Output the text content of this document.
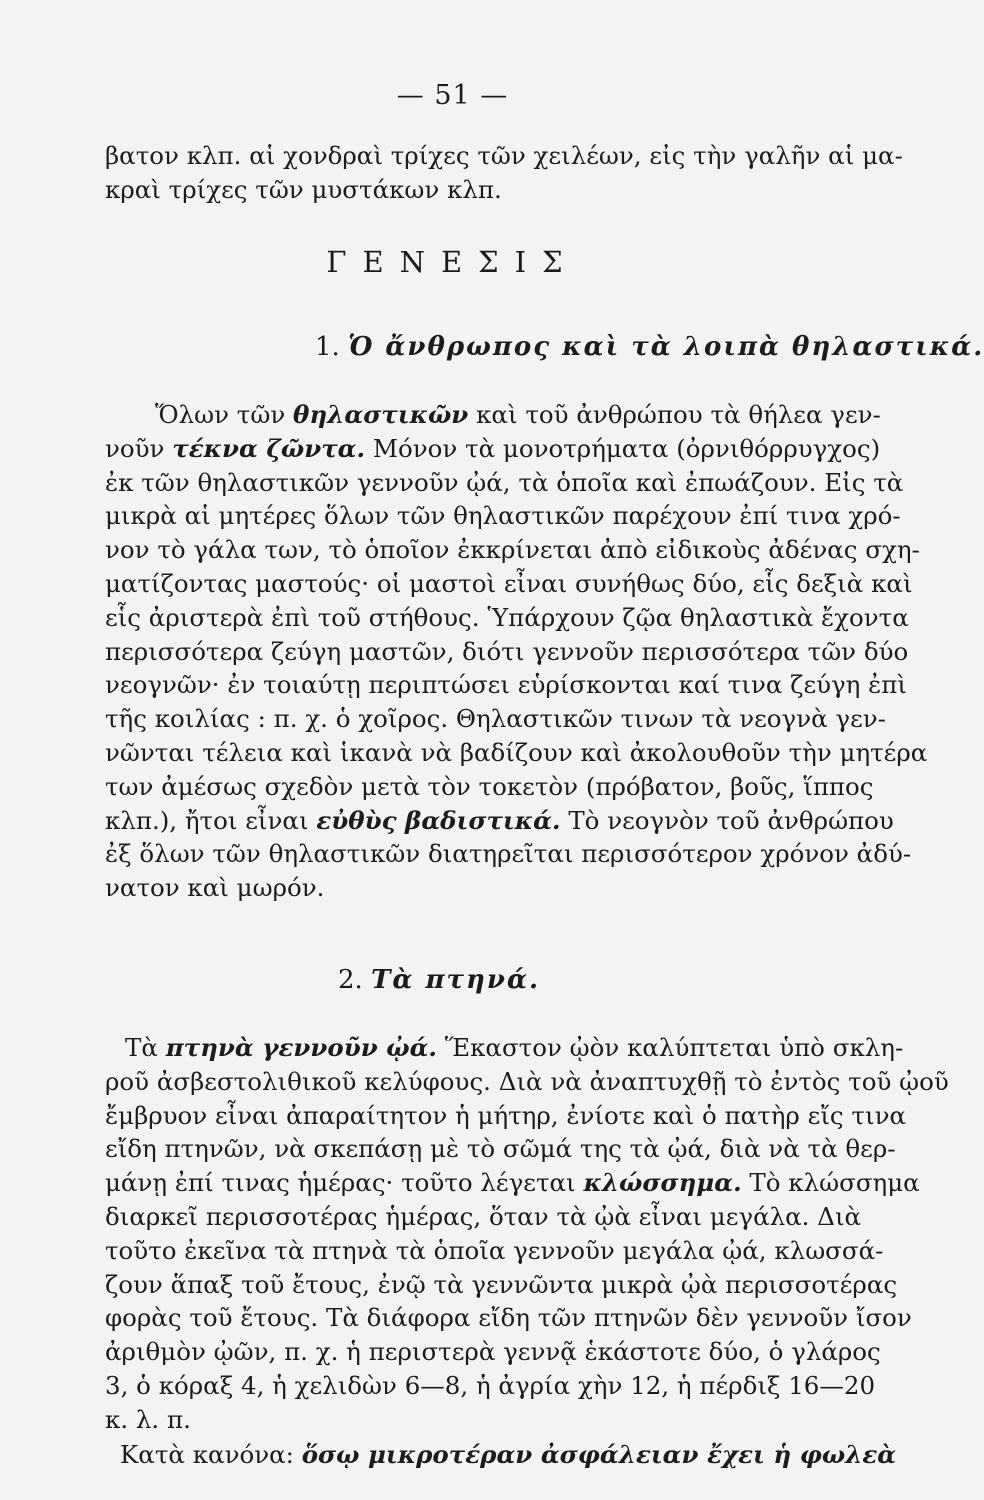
— 51 —
βατον κλπ. αἱ χονδραὶ τρίχες τῶν χειλέων, εἰς τὴν γαλῆν αἱ μα-
κραὶ τρίχες τῶν μυστάκων κλπ.
ΓΕΝΕΣΙΣ
1. Ὁ ἄνθρωπος καὶ τὰ λοιπὰ θηλαστικά.
Ὅλων τῶν θηλαστικῶν καὶ τοῦ ἀνθρώπου τὰ θήλεα γεν-
νοῦν τέκνα ζῶντα. Μόνον τὰ μονοτρήματα (ὀρνιθόρρυγχος)
ἐκ τῶν θηλαστικῶν γεννοῦν ᾠά, τὰ ὁποῖα καὶ ἐπωάζουν. Εἰς τὰ
μικρὰ αἱ μητέρες ὅλων τῶν θηλαστικῶν παρέχουν ἐπί τινα χρό-
νον τὸ γάλα των, τὸ ὁποῖον ἐκκρίνεται ἀπὸ εἰδικοὺς ἀδένας σχη-
ματίζοντας μαστούς· οἱ μαστοὶ εἶναι συνήθως δύο, εἷς δεξιὰ καὶ
εἷς ἀριστερὰ ἐπὶ τοῦ στήθους. Ὑπάρχουν ζῷα θηλαστικὰ ἔχοντα
περισσότερα ζεύγη μαστῶν, διότι γεννοῦν περισσότερα τῶν δύο
νεογνῶν· ἐν τοιαύτῃ περιπτώσει εὑρίσκονται καί τινα ζεύγη ἐπὶ
τῆς κοιλίας : π. χ. ὁ χοῖρος. Θηλαστικῶν τινων τὰ νεογνὰ γεν-
νῶνται τέλεια καὶ ἱκανὰ νὰ βαδίζουν καὶ ἀκολουθοῦν τὴν μητέρα
των ἀμέσως σχεδὸν μετὰ τὸν τοκετὸν (πρόβατον, βοῦς, ἵππος
κλπ.), ἤτοι εἶναι εὐθὺς βαδιστικά. Τὸ νεογνὸν τοῦ ἀνθρώπου
ἐξ ὅλων τῶν θηλαστικῶν διατηρεῖται περισσότερον χρόνον ἀδύ-
νατον καὶ μωρόν.
2. Τὰ πτηνά.
Τὰ πτηνὰ γεννοῦν ᾠά. Ἕκαστον ᾠὸν καλύπτεται ὑπὸ σκλη-
ροῦ ἀσβεστολιθικοῦ κελύφους. Διὰ νὰ ἀναπτυχθῇ τὸ ἐντὸς τοῦ ᾠοῦ
ἔμβρυον εἶναι ἀπαραίτητον ἡ μήτηρ, ἐνίοτε καὶ ὁ πατὴρ εἴς τινα
εἴδη πτηνῶν, νὰ σκεπάσῃ μὲ τὸ σῶμά της τὰ ᾠά, διὰ νὰ τὰ θερ-
μάνῃ ἐπί τινας ἡμέρας· τοῦτο λέγεται κλώσσημα. Τὸ κλώσσημα
διαρκεῖ περισσοτέρας ἡμέρας, ὅταν τὰ ᾠὰ εἶναι μεγάλα. Διὰ
τοῦτο ἐκεῖνα τὰ πτηνὰ τὰ ὁποῖα γεννοῦν μεγάλα ᾠά, κλωσσά-
ζουν ἅπαξ τοῦ ἔτους, ἐνῷ τὰ γεννῶντα μικρὰ ᾠὰ περισσοτέρας
φορὰς τοῦ ἔτους. Τὰ διάφορα εἴδη τῶν πτηνῶν δὲν γεννοῦν ἴσον
ἀριθμὸν ᾠῶν, π. χ. ἡ περιστερὰ γεννᾷ ἑκάστοτε δύο, ὁ γλάρος
3, ὁ κόραξ 4, ἡ χελιδὼν 6—8, ἡ ἀγρία χὴν 12, ἡ πέρδιξ 16—20
κ. λ. π.
Κατὰ κανόνα: ὅσῳ μικροτέραν ἀσφάλειαν ἔχει ἡ φωλεὰ
